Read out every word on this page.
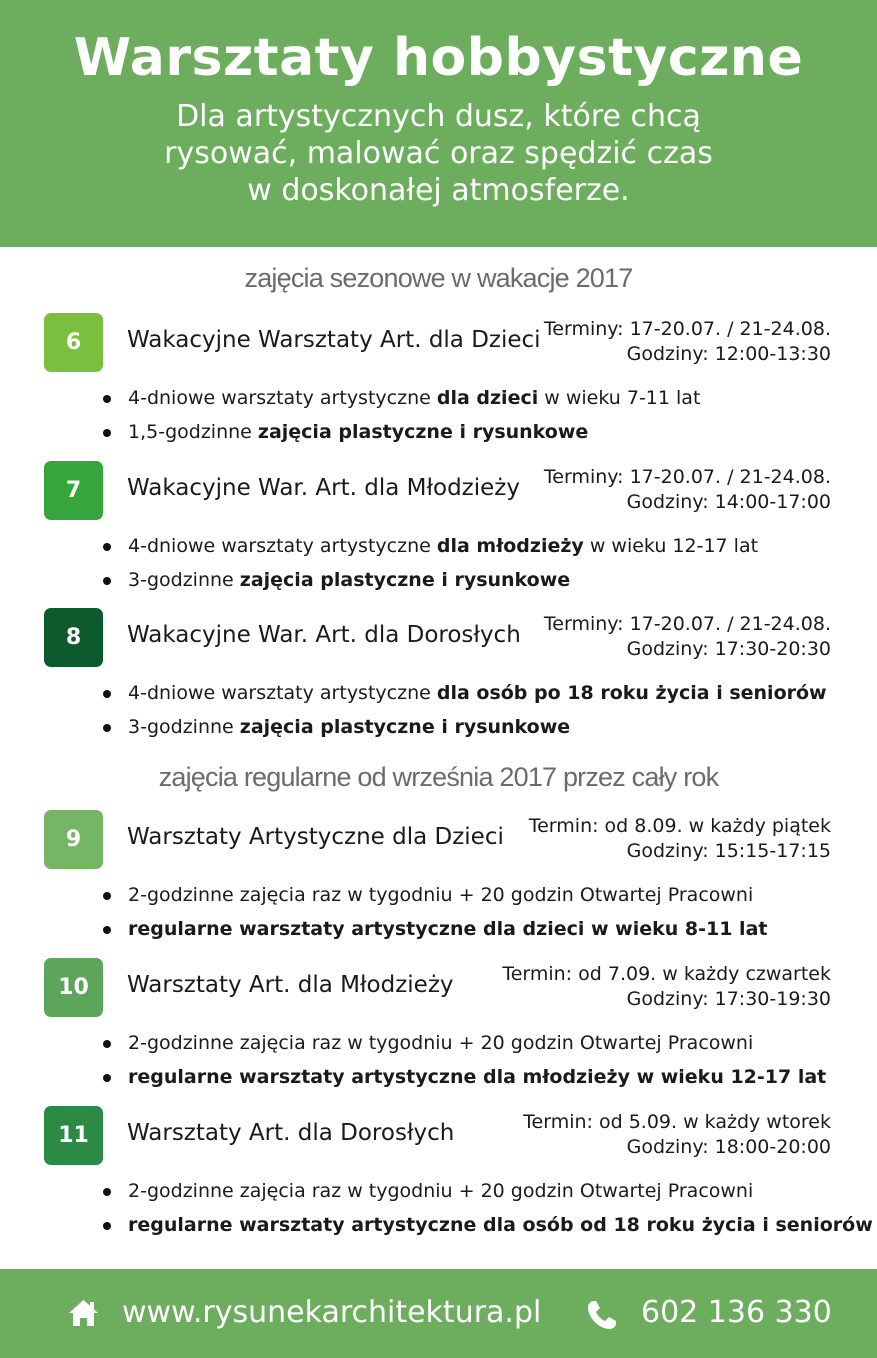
Warsztaty hobbystyczne

Dla artystycznych dusz, które chcą rysować, malować oraz spędzić czas w doskonałej atmosferze.

zajęcia sezonowe w wakacje 2017
6	Wakacyjne Warsztaty Art. dla Dzieci Terminy: 17-20.07. / 21-24.08.
Godziny: 12:00-13:30
4-dniowe warsztaty artystyczne dla dzieci w wieku 7-11 lat
1,5-godzinne zajęcia plastyczne i rysunkowe
7	Wakacyjne War. Art. dla Młodzieży Terminy: 17-20.07. / 21-24.08.
Godziny: 14:00-17:00
4-dniowe warsztaty artystyczne dla młodzieży w wieku 12-17 lat
3-godzinne zajęcia plastyczne i rysunkowe
8	Wakacyjne War. Art. dla Dorosłych Terminy: 17-20.07. / 21-24.08.
Godziny: 17:30-20:30
4-dniowe warsztaty artystyczne dla osób po 18 roku życia i seniorów
3-godzinne zajęcia plastyczne i rysunkowe
zajęcia regularne od września 2017 przez cały rok
9	Warsztaty Artystyczne dla Dzieci Termin: od 8.09. w każdy piątek
Godziny: 15:15-17:15
2-godzinne zajęcia raz w tygodniu + 20 godzin Otwartej Pracowni
regularne warsztaty artystyczne dla dzieci w wieku 8-11 lat
10	Warsztaty Art. dla Młodzieży	Termin: od 7.09. w każdy czwartek
Godziny: 17:30-19:30
2-godzinne zajęcia raz w tygodniu + 20 godzin Otwartej Pracowni
regularne warsztaty artystyczne dla młodzieży w wieku 12-17 lat
11	Warsztaty Art. dla Dorosłych	Termin: od 5.09. w każdy wtorek
Godziny: 18:00-20:00
2-godzinne zajęcia raz w tygodniu + 20 godzin Otwartej Pracowni
regularne warsztaty artystyczne dla osób od 18 roku życia i seniorów
www.rysunekarchitektura.pl	602 136 330
